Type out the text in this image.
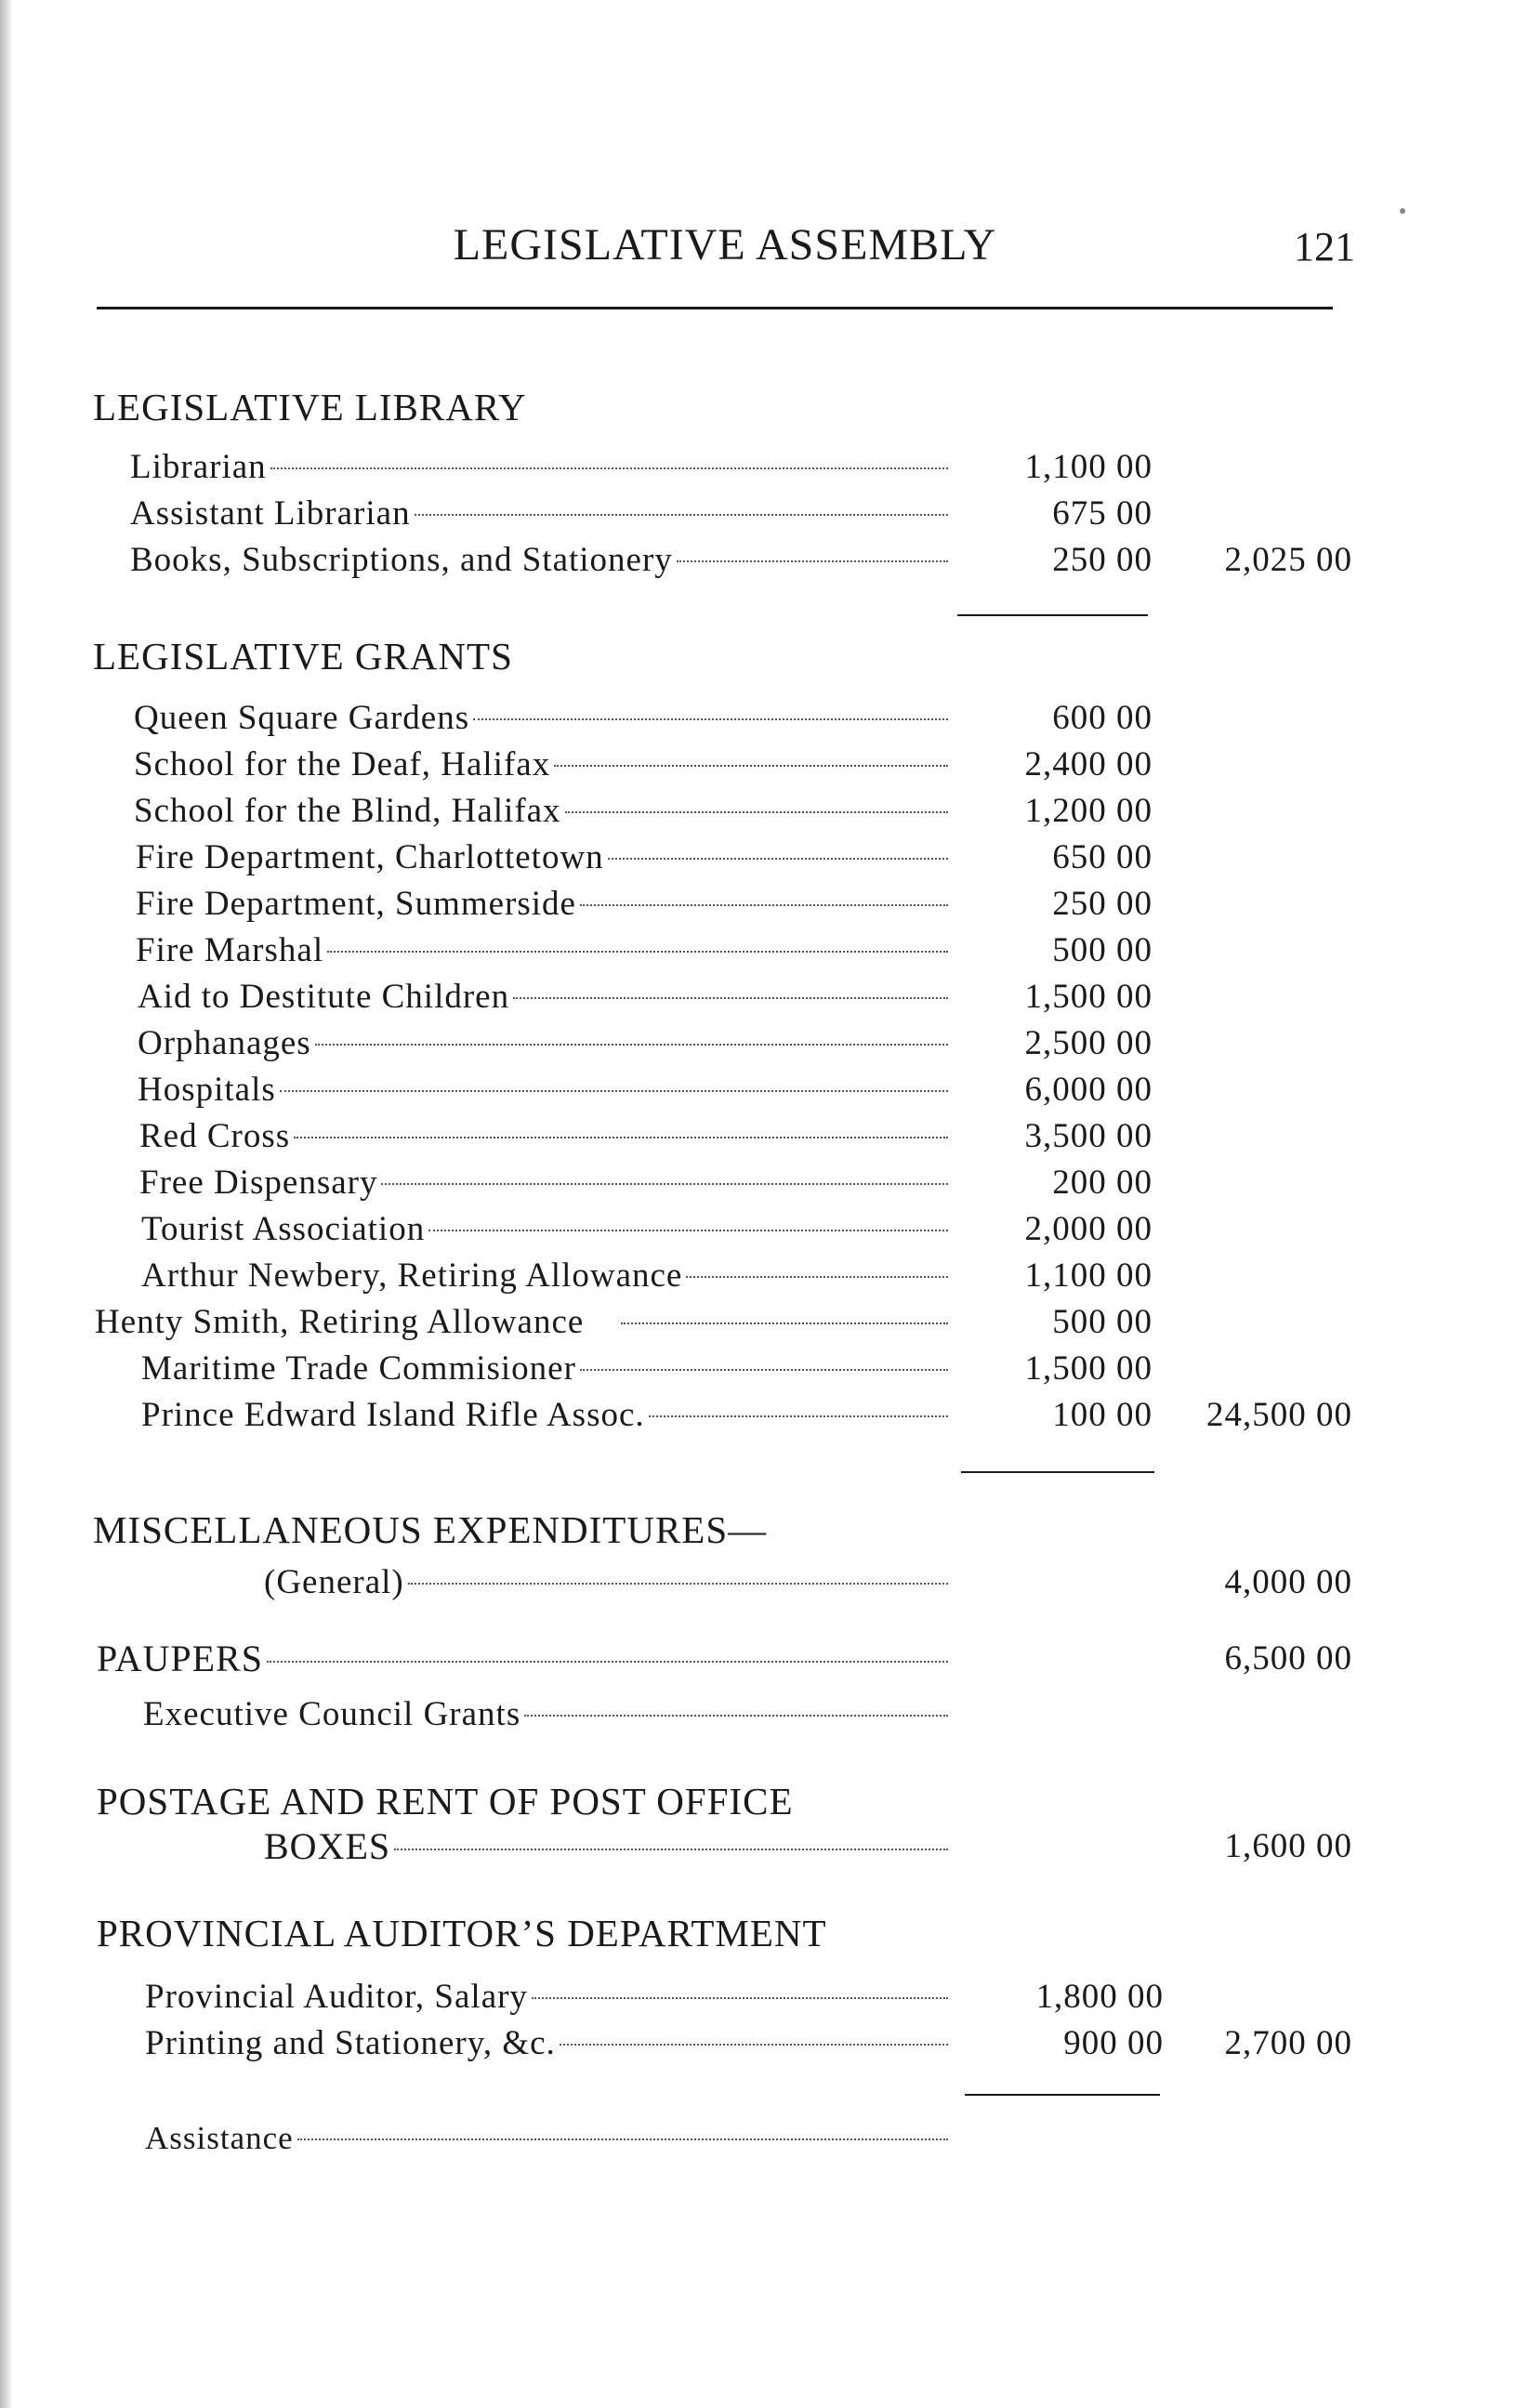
LEGISLATIVE ASSEMBLY	121
LEGISLATIVE LIBRARY
Librarian	1,100 00
Assistant Librarian	675 00
Books, Subscriptions, and Stationery	250 00	2,025 00
LEGISLATIVE GRANTS
Queen Square Gardens	600 00
School for the Deaf, Halifax	2,400 00
School for the Blind, Halifax	1,200 00
Fire Department, Charlottetown	650 00
Fire Department, Summerside	250 00
Fire Marshal	500 00
Aid to Destitute Children	1,500 00
Orphanages	2,500 00
Hospitals	6,000 00
Red Cross	3,500 00
Free Dispensary	200 00
Tourist Association	2,000 00
Arthur Newbery, Retiring Allowance	1,100 00
Henty Smith, Retiring Allowance	500 00
Maritime Trade Commisioner	1,500 00
Prince Edward Island Rifle Assoc.	100 00	24,500 00
MISCELLANEOUS EXPENDITURES—
(General)	4,000 00
PAUPERS	6,500 00
Executive Council Grants
POSTAGE AND RENT OF POST OFFICE
BOXES	1,600 00
PROVINCIAL AUDITOR’S DEPARTMENT
Provincial Auditor, Salary	1,800 00
Printing and Stationery, &c.	900 00	2,700 00
Assistance
